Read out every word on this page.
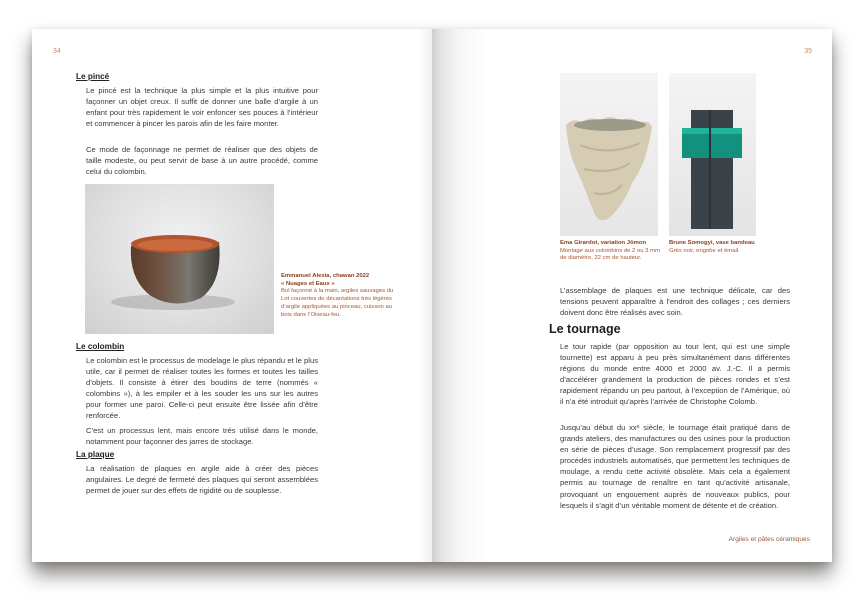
34
Le pincé

Le pincé est la technique la plus simple et la plus intuitive pour façonner un objet creux. Il suffit de donner une balle d’argile à un enfant pour très rapidement le voir enfoncer ses pouces à l’intérieur et commencer à pincer les parois afin de les faire monter.

Ce mode de façonnage ne permet de réaliser que des objets de taille modeste, ou peut servir de base à un autre procédé, comme celui du colombin.

Emmanuel Alexia, chawan 2022
« Nuages et Eaux »
Bol façonné à la main, argiles sauvages du Lot couvertes de décantations très légères d’argile appliquées au pinceau, cuisson au bois dans l’Oiseau-feu.
Le colombin

Le colombin est le processus de modelage le plus répandu et le plus utile, car il permet de réaliser toutes les formes et toutes les tailles d’objets. Il consiste à étirer des boudins de terre (nommés « colombins »), à les empiler et à les souder les uns sur les autres pour former une paroi. Celle-ci peut ensuite être lissée afin d’être renforcée.

C’est un processus lent, mais encore très utilisé dans le monde, notamment pour façonner des jarres de stockage.

La plaque

La réalisation de plaques en argile aide à créer des pièces angulaires. Le degré de fermeté des plaques qui seront assemblées permet de jouer sur des effets de rigidité ou de souplesse.

35
Ema Girardot, variation Jōmon
Montage aux colombins de 2 ou 3 mm de diamètre, 22 cm de hauteur.
Brune Somogyi, vase bandeau
Grès noir, engobe et émail.

L’assemblage de plaques est une technique délicate, car des tensions peuvent apparaître à l’endroit des collages ; ces derniers doivent donc être réalisés avec soin.

Le tournage

Le tour rapide (par opposition au tour lent, qui est une simple tournette) est apparu à peu près simultanément dans différentes régions du monde entre 4000 et 2000 av. J.-C. Il a permis d’accélérer grandement la production de pièces rondes et s’est rapidement répandu un peu partout, à l’exception de l’Amérique, où il n’a été introduit qu’après l’arrivée de Christophe Colomb.

Jusqu’au début du xxᵉ siècle, le tournage était pratiqué dans de grands ateliers, des manufactures ou des usines pour la production en série de pièces d’usage. Son remplacement progressif par des procédés industriels automatisés, que permettent les techniques de moulage, a rendu cette activité obsolète. Mais cela a également permis au tournage de renaître en tant qu’activité artisanale, provoquant un engouement auprès de nouveaux publics, pour lesquels il s’agit d’un véritable moment de détente et de création.

Argiles et pâtes céramiques
